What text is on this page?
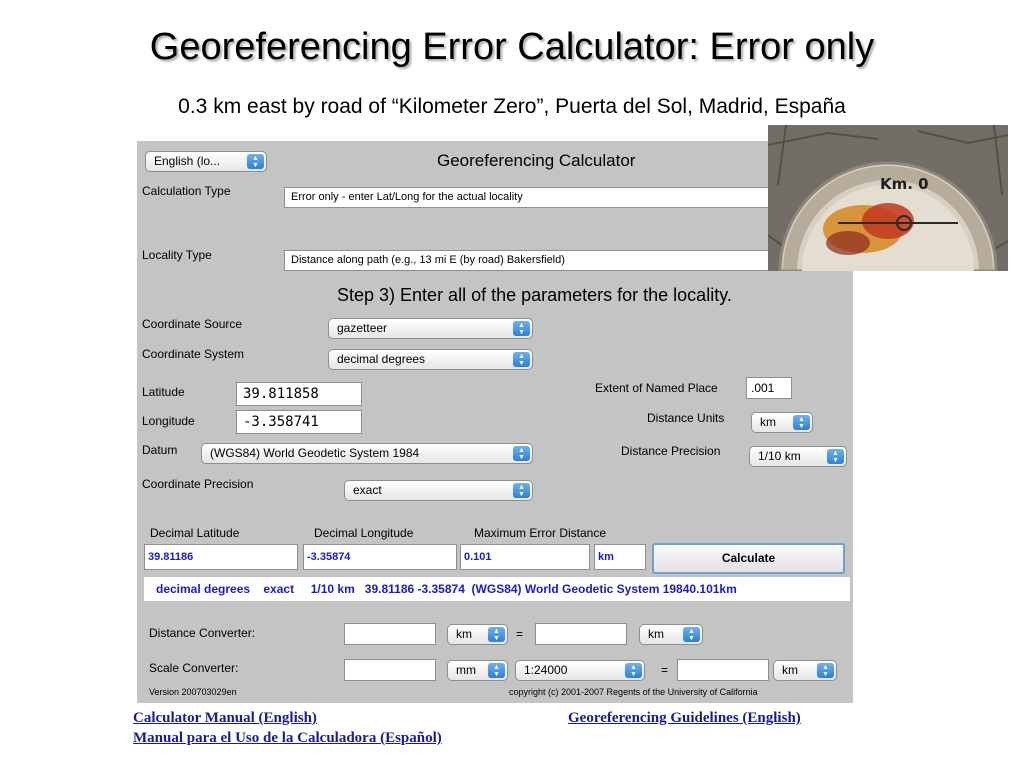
Georeferencing Error Calculator: Error only
0.3 km east by road of “Kilometer Zero”, Puerta del Sol, Madrid, España
English (lo...	▲
▼	Georeferencing Calculator
Calculation Type	Error only - enter Lat/Long for the actual locality
Locality Type	Distance along path (e.g., 13 mi E (by road) Bakersfield)
Step 3) Enter all of the parameters for the locality.
Coordinate Source	gazetteer	▲
▼
Coordinate System	decimal degrees	▲
▼
Latitude	39.811858
Longitude	-3.358741
Datum	(WGS84) World Geodetic System 1984	▲
▼
Coordinate Precision	exact	▲
▼
Extent of Named Place	.001
Distance Units	km	▲
▼
Distance Precision	1/10 km	▲
▼
Decimal Latitude	Decimal Longitude	Maximum Error Distance
39.81186	-3.35874	0.101	km	Calculate
decimal degrees    exact     1/10 km   39.81186 -3.35874  (WGS84) World Geodetic System 19840.101km
Distance Converter:	km	▲
▼	=	km	▲
▼
Scale Converter:	mm	▲
▼	1:24000	▲
▼	=	km	▲
▼
Version 200703029en	copyright (c) 2001-2007 Regents of the University of California
Km. 0
Calculator Manual (English)	Georeferencing Guidelines (English)
Manual para el Uso de la Calculadora (Español)
